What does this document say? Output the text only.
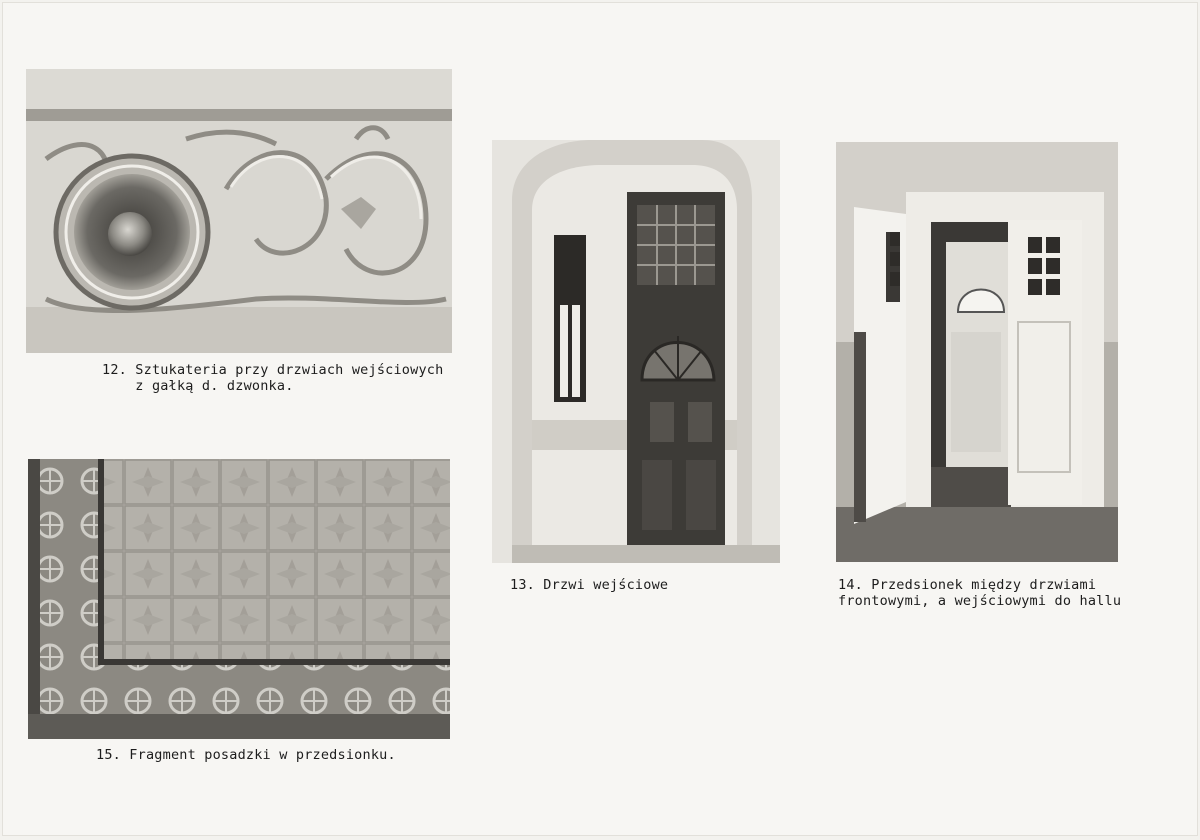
12. Sztukateria przy drzwiach wejściowych
z gałką d. dzwonka.
13. Drzwi wejściowe	14. Przedsionek między drzwiami
frontowymi, a wejściowymi do hallu
15. Fragment posadzki w przedsionku.
